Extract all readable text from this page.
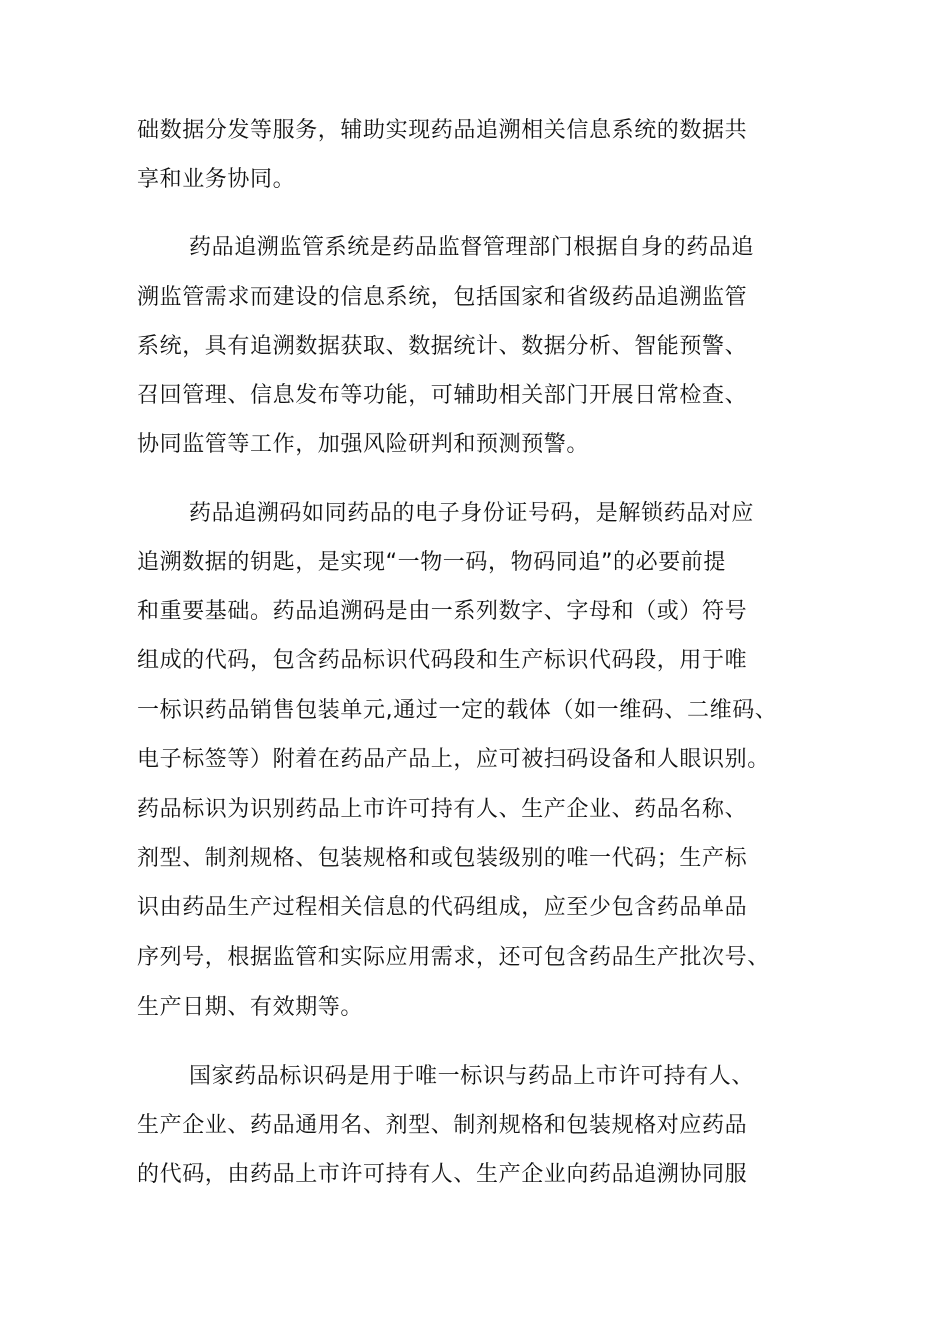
础数据分发等服务，辅助实现药品追溯相关信息系统的数据共
享和业务协同。
药品追溯监管系统是药品监督管理部门根据自身的药品追
溯监管需求而建设的信息系统，包括国家和省级药品追溯监管
系统，具有追溯数据获取、数据统计、数据分析、智能预警、
召回管理、信息发布等功能，可辅助相关部门开展日常检查、
协同监管等工作，加强风险研判和预测预警。
药品追溯码如同药品的电子身份证号码，是解锁药品对应
追溯数据的钥匙，是实现“一物一码，物码同追”的必要前提
和重要基础。药品追溯码是由一系列数字、字母和（或）符号
组成的代码，包含药品标识代码段和生产标识代码段，用于唯
一标识药品销售包装单元,通过一定的载体（如一维码、二维码、
电子标签等）附着在药品产品上，应可被扫码设备和人眼识别。
药品标识为识别药品上市许可持有人、生产企业、药品名称、
剂型、制剂规格、包装规格和或包装级别的唯一代码；生产标
识由药品生产过程相关信息的代码组成，应至少包含药品单品
序列号，根据监管和实际应用需求，还可包含药品生产批次号、
生产日期、有效期等。
国家药品标识码是用于唯一标识与药品上市许可持有人、
生产企业、药品通用名、剂型、制剂规格和包装规格对应药品
的代码，由药品上市许可持有人、生产企业向药品追溯协同服
